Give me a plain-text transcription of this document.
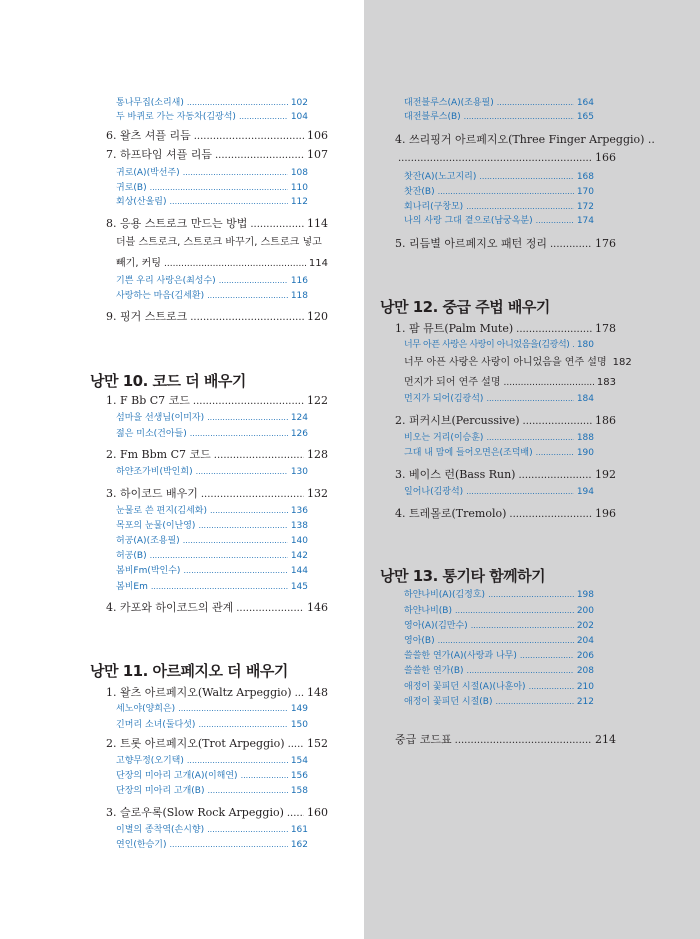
통나무집(소리새) .....	102
두 바퀴로 가는 자동차(김광석) .....	104
6. 왈츠 셔플 리듬 .....	106
7. 하프타임 셔플 리듬 .....	107
귀로(A)(박선주) .....	108
귀로(B) .....	110
회상(산울림) .....	112
8. 응용 스트로크 만드는 방법 .....	114
더블 스트로크, 스트로크 바꾸기, 스트로크 넣고
빼기, 커팅 .....	114
기쁜 우리 사랑은(최성수) .....	116
사랑하는 마음(김세환) .....	118
9. 핑거 스트로크 .....	120
1. F Bb C7 코드 .....	122
섬마을 선생님(이미자) .....	124
젊은 미소(건아들) .....	126
2. Fm Bbm C7 코드 .....	128
하얀조가비(박인희) .....	130
3. 하이코드 배우기 .....	132
눈물로 쓴 편지(김세화) .....	136
목포의 눈물(이난영) .....	138
허공(A)(조용필) .....	140
허공(B) .....	142
봄비Fm(박인수) .....	144
봄비Em .....	145
4. 카포와 하이코드의 관계 .....	146
1. 왈츠 아르페지오(Waltz Arpeggio) ..... 148
세노야(양희은) .....	149
긴머리 소녀(둘다섯) .....	150
2. 트롯 아르페지오(Trot Arpeggio) ..... 152
고향무정(오기택) .....	154
단장의 미아리 고개(A)(이해연) .....	156
단장의 미아리 고개(B) .....	158
3. 슬로우록(Slow Rock Arpeggio) ..... 160
이별의 종착역(손시향) .....	161
연인(한승기) .....	162
대전블루스(A)(조용필) .....	164
대전블루스(B) .....	165
4. 쓰리핑거 아르페지오(Three Finger Arpeggio) ..
.....
166
찻잔(A)(노고지리) .....	168
찻잔(B) .....	170
회나리(구창모) .....	172
나의 사랑 그대 곁으로(남궁옥분) .....	174
5. 리듬별 아르페지오 패턴 정리 .....	176
1. 팜 뮤트(Palm Mute) .....	178
너무 아픈 사랑은 사랑이 아니었음을(김광석) ..... 180
너무 아픈 사랑은 사랑이 아니었음을 연주 설명 182
먼지가 되어 연주 설명 .....	183
먼지가 되어(김광석) .....	184
2. 퍼커시브(Percussive) .....	186
비오는 거리(이승훈) .....	188
그대 내 맘에 들어오면은(조덕배) .....	190
3. 베이스 런(Bass Run) .....	192
일어나(김광석) .....	194
4. 트레몰로(Tremolo) .....	196
하얀나비(A)(김정호) .....	198
하얀나비(B) .....	200
영아(A)(김만수) .....	202
영아(B) .....	204
쓸쓸한 연가(A)(사랑과 나무) .....	206
쓸쓸한 연가(B) .....	208
애정이 꽃피던 시절(A)(나훈아) .....	210
애정이 꽃피던 시절(B) .....	212
중급 코드표 .....	214
낭만 10. 코드 더 배우기
낭만 11. 아르페지오 더 배우기
낭만 12. 중급 주법 배우기
낭만 13. 통기타 함께하기
